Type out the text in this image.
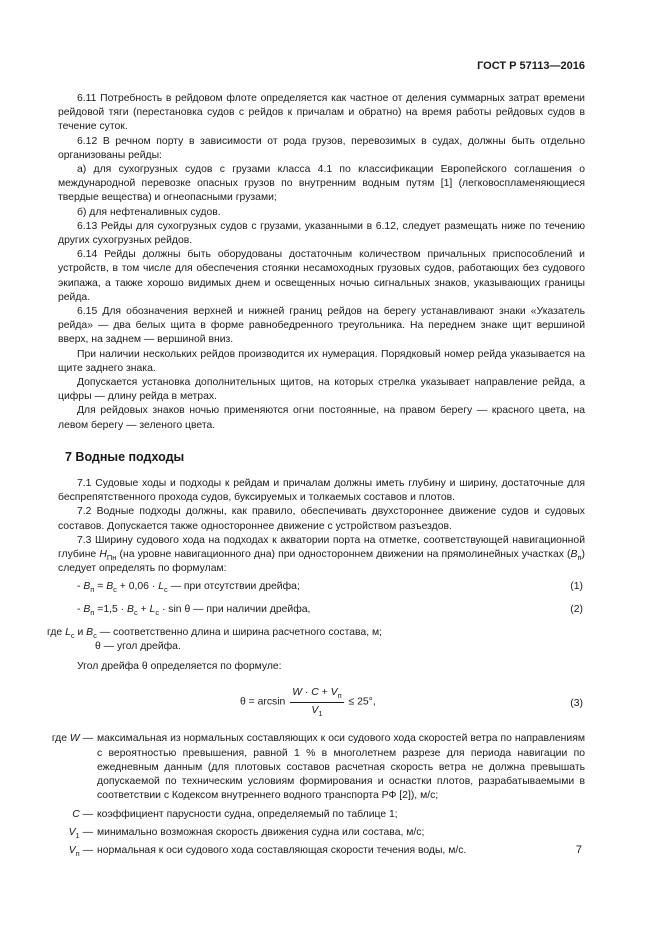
ГОСТ Р 57113—2016

6.11 Потребность в рейдовом флоте определяется как частное от деления суммарных затрат времени рейдовой тяги (перестановка судов с рейдов к причалам и обратно) на время работы рейдовых судов в течение суток.

6.12 В речном порту в зависимости от рода грузов, перевозимых в судах, должны быть отдельно организованы рейды:

а) для сухогрузных судов с грузами класса 4.1 по классификации Европейского соглашения о международной перевозке опасных грузов по внутренним водным путям [1] (легковоспламеняющиеся твердые вещества) и огнеопасными грузами;

б) для нефтеналивных судов.

6.13 Рейды для сухогрузных судов с грузами, указанными в 6.12, следует размещать ниже по течению других сухогрузных рейдов.

6.14 Рейды должны быть оборудованы достаточным количеством причальных приспособлений и устройств, в том числе для обеспечения стоянки несамоходных грузовых судов, работающих без судового экипажа, а также хорошо видимых днем и освещенных ночью сигнальных знаков, указывающих границы рейда.

6.15 Для обозначения верхней и нижней границ рейдов на берегу устанавливают знаки «Указатель рейда» — два белых щита в форме равнобедренного треугольника. На переднем знаке щит вершиной вверх, на заднем — вершиной вниз.

При наличии нескольких рейдов производится их нумерация. Порядковый номер рейда указывается на щите заднего знака.

Допускается установка дополнительных щитов, на которых стрелка указывает направление рейда, а цифры — длину рейда в метрах.

Для рейдовых знаков ночью применяются огни постоянные, на правом берегу — красного цвета, на левом берегу — зеленого цвета.

7 Водные подходы

7.1 Судовые ходы и подходы к рейдам и причалам должны иметь глубину и ширину, достаточные для беспрепятственного прохода судов, буксируемых и толкаемых составов и плотов.

7.2 Водные подходы должны, как правило, обеспечивать двухстороннее движение судов и судовых составов. Допускается также одностороннее движение с устройством разъездов.

7.3 Ширину судового хода на подходах к акватории порта на отметке, соответствующей навигационной глубине $H_{Пн}$ (на уровне навигационного дна) при одностороннем движении на прямолинейных участках $(B_п)$ следует определять по формулам:

- $B_п = B_c + 0,06 \cdot L_c$ — при отсутствии дрейфа;	(1)
- $B_п =1,5 \cdot B_c + L_c \cdot \sin \theta$ — при наличии дрейфа,	(2)
где $L_c$ и $B_c$ — соответственно длина и ширина расчетного состава, м;
θ — угол дрейфа.
Угол дрейфа θ определяется по формуле:
$\theta = \arcsin \frac{W \cdot C + V_п}{V_1} \le 25^\circ$,	(3)
где W — максимальная из нормальных составляющих к оси судового хода скоростей ветра по направлениям с вероятностью превышения, равной 1 % в многолетнем разрезе для периода навигации по ежедневным данным (для плотовых составов расчетная скорость ветра не должна превышать допускаемой по техническим условиям формирования и оснастки плотов, разрабатываемыми в соответствии с Кодексом внутреннего водного транспорта РФ [2]), м/с;
C — коэффициент парусности судна, определяемый по таблице 1;
$V_1$ — минимально возможная скорость движения судна или состава, м/с;
$V_п$ — нормальная к оси судового хода составляющая скорости течения воды, м/с.	7
